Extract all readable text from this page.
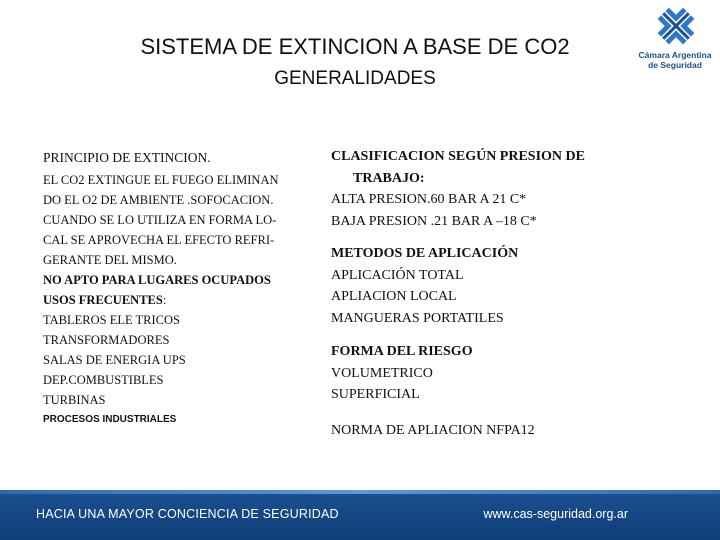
SISTEMA DE EXTINCION A BASE DE CO2
GENERALIDADES
Cámara Argentina
de Seguridad
PRINCIPIO DE EXTINCION.
EL CO2 EXTINGUE EL FUEGO ELIMINAN
DO EL O2 DE AMBIENTE .SOFOCACION.
CUANDO SE LO UTILIZA EN FORMA LO-
CAL SE APROVECHA EL EFECTO REFRI-
GERANTE DEL MISMO.
NO APTO PARA LUGARES OCUPADOS
USOS FRECUENTES:
TABLEROS ELE TRICOS
TRANSFORMADORES
SALAS DE ENERGIA UPS
DEP.COMBUSTIBLES
TURBINAS
PROCESOS INDUSTRIALES
CLASIFICACION SEGÚN PRESION DE
TRABAJO:
ALTA PRESION.60 BAR A 21 C*
BAJA PRESION .21 BAR A –18 C*
METODOS DE APLICACIÓN
APLICACIÓN TOTAL
APLIACION LOCAL
MANGUERAS PORTATILES
FORMA DEL RIESGO
VOLUMETRICO
SUPERFICIAL
NORMA DE APLIACION NFPA12
HACIA UNA MAYOR CONCIENCIA DE SEGURIDAD	www.cas-seguridad.org.ar
